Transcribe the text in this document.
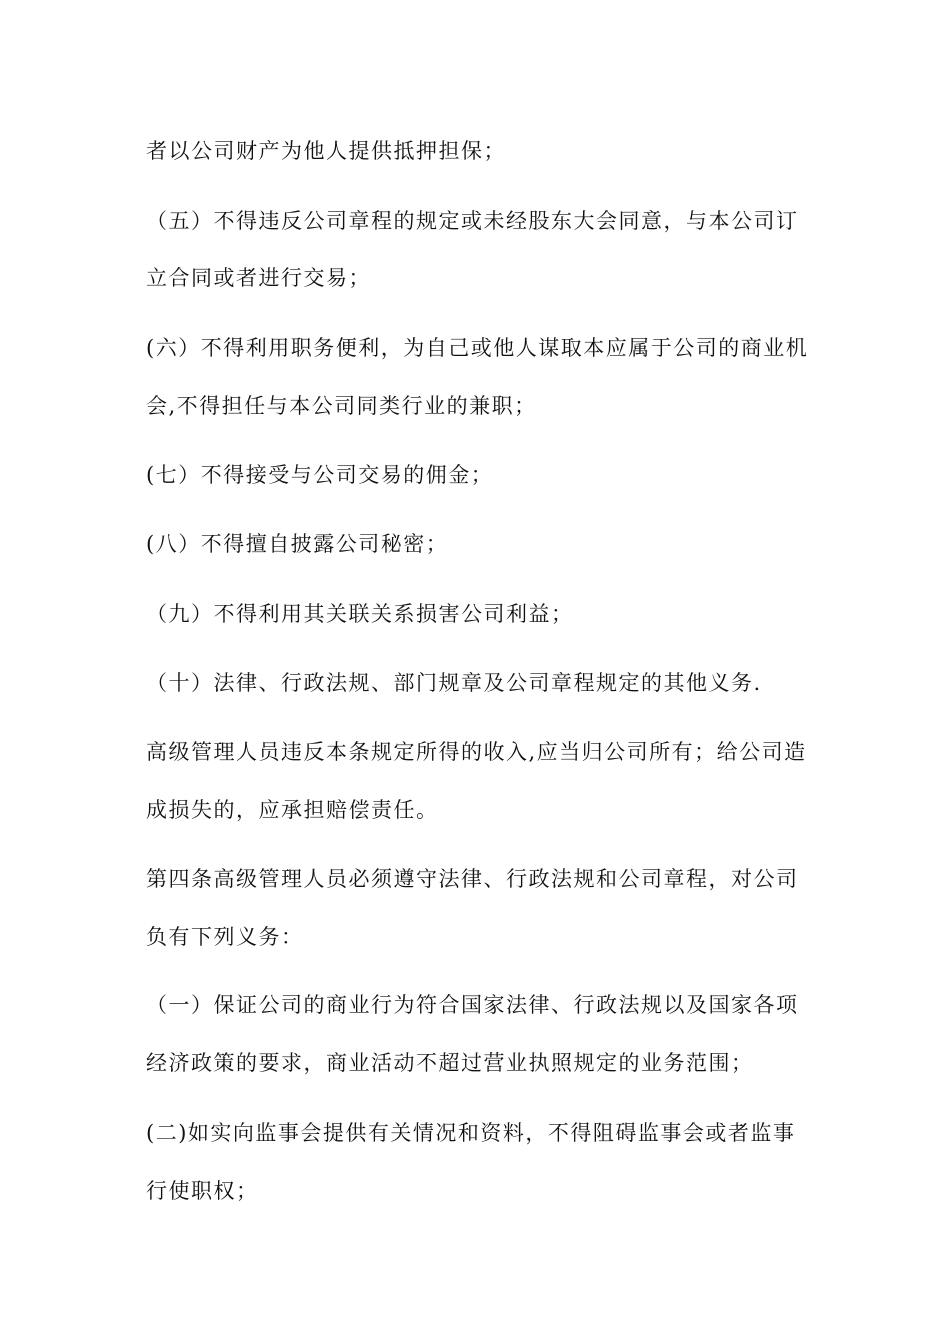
者以公司财产为他人提供抵押担保；
（五）不得违反公司章程的规定或未经股东大会同意，与本公司订
立合同或者进行交易；
(六）不得利用职务便利，为自己或他人谋取本应属于公司的商业机
会,不得担任与本公司同类行业的兼职；
(七）不得接受与公司交易的佣金；
(八）不得擅自披露公司秘密；
（九）不得利用其关联关系损害公司利益；
（十）法律、行政法规、部门规章及公司章程规定的其他义务.
高级管理人员违反本条规定所得的收入,应当归公司所有；给公司造
成损失的，应承担赔偿责任。
第四条高级管理人员必须遵守法律、行政法规和公司章程，对公司
负有下列义务：
（一）保证公司的商业行为符合国家法律、行政法规以及国家各项
经济政策的要求，商业活动不超过营业执照规定的业务范围；
(二)如实向监事会提供有关情况和资料，不得阻碍监事会或者监事
行使职权；
